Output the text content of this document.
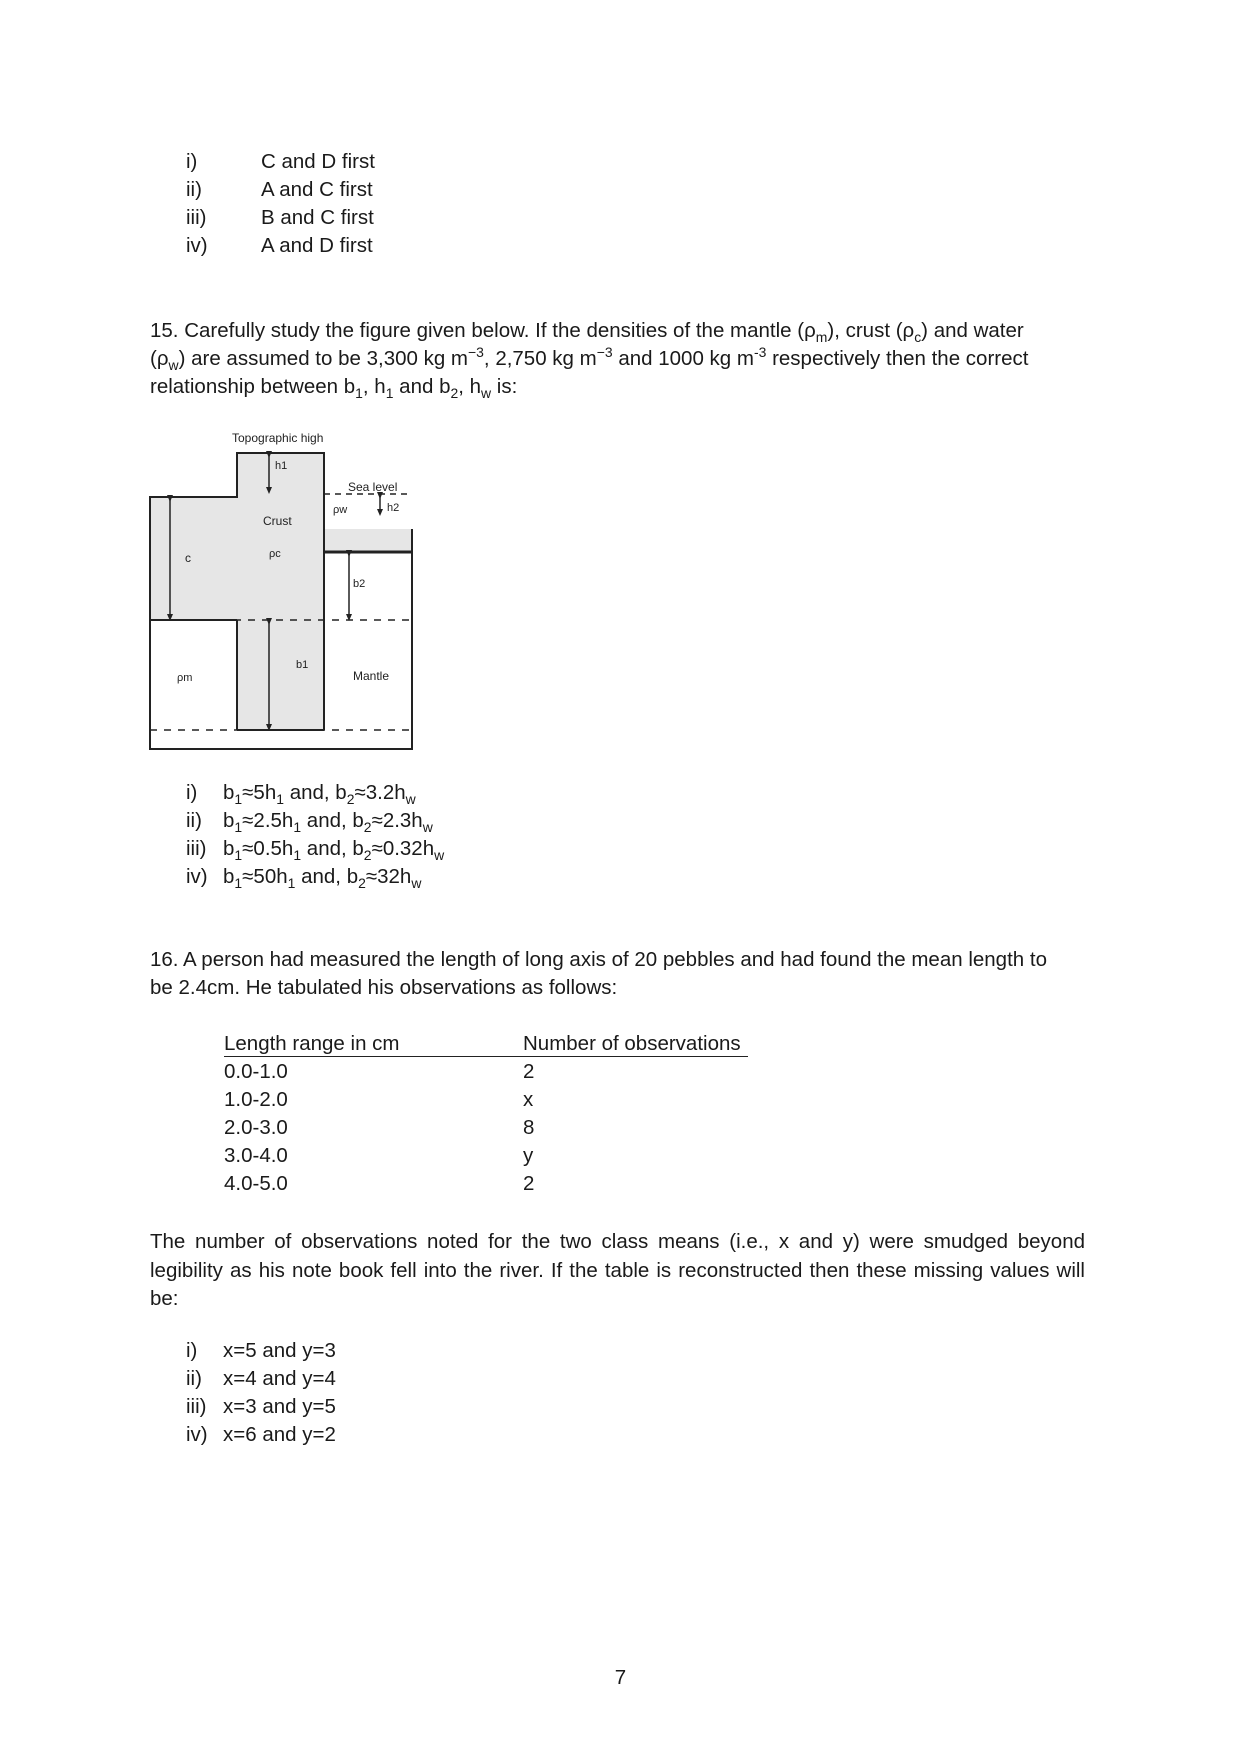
i)	C and D first
ii)	A and C first
iii)	B and C first
iv)	A and D first
15. Carefully study the figure given below. If the densities of the mantle $(\rho_m)$, crust $(\rho_c)$ and water
$(\rho_w)$ are assumed to be 3,300 kg $m^{-3}$, 2,750 kg $m^{-3}$ and 1000 kg $m^{-3}$ respectively then the correct
relationship between $b_1$, $h_1$ and $b_2$, $h_w$ is:
Topographic high
h1
Sea level
ρw	h2
Crust
ρc
c
b2
b1
ρm	Mantle
i) $b_1\approx 5h_1$ and, $b_2\approx 3.2h_w$
ii) $b_1\approx 2.5h_1$ and, $b_2\approx 2.3h_w$
iii) $b_1\approx 0.5h_1$ and, $b_2\approx 0.32h_w$
iv) $b_1\approx 50h_1$ and, $b_2\approx 32h_w$
16. A person had measured the length of long axis of 20 pebbles and had found the mean length to
be 2.4cm. He tabulated his observations as follows:
Length range in cm	Number of observations
0.0-1.0	2
1.0-2.0	x
2.0-3.0	8
3.0-4.0	y
4.0-5.0	2
The number of observations noted for the two class means (i.e., x and y) were smudged beyond legibility as his note book fell into the river. If the table is reconstructed then these missing values will be:
i) x=5 and y=3
ii) x=4 and y=4
iii) x=3 and y=5
iv) x=6 and y=2
7
